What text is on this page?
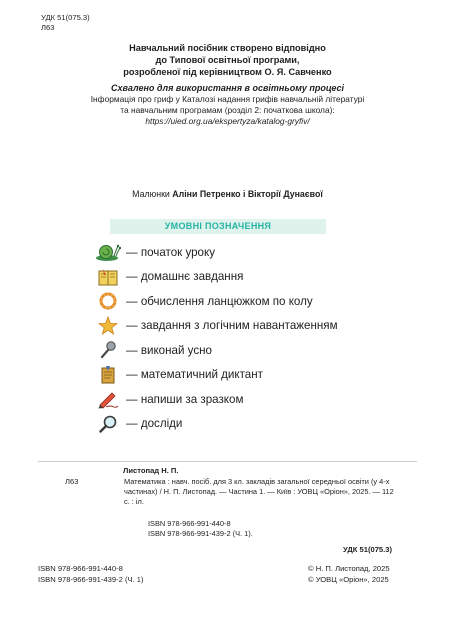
УДК 51(075.3)
Л63
Навчальний посібник створено відповідно
до Типової освітньої програми,
розробленої під керівництвом О. Я. Савченко
Схвалено для використання в освітньому процесі
Інформація про гриф у Каталозі надання грифів навчальній літературі
та навчальним програмам (розділ 2: початкова школа):
https://uied.org.ua/ekspertyza/katalog-gryfiv/
Малюнки Аліни Петренко і Вікторії Дунаєвої
УМОВНІ ПОЗНАЧЕННЯ
— початок уроку
— домашнє завдання
— обчислення ланцюжком по колу
— завдання з логічним навантаженням
— виконай усно
— математичний диктант
— напиши за зразком
— досліди
Листопад Н. П.
Л63	Математика : навч. посіб. для 3 кл. закладів загальної середньої освіти (у 4-х частинах) / Н. П. Листопад. — Частина 1. — Київ : УОВЦ «Оріон», 2025. — 112 с. : іл.
ISBN 978-966-991-440-8
ISBN 978-966-991-439-2 (Ч. 1).
УДК 51(075.3)
ISBN 978-966-991-440-8
ISBN 978-966-991-439-2 (Ч. 1)
© Н. П. Листопад, 2025
© УОВЦ «Оріон», 2025
